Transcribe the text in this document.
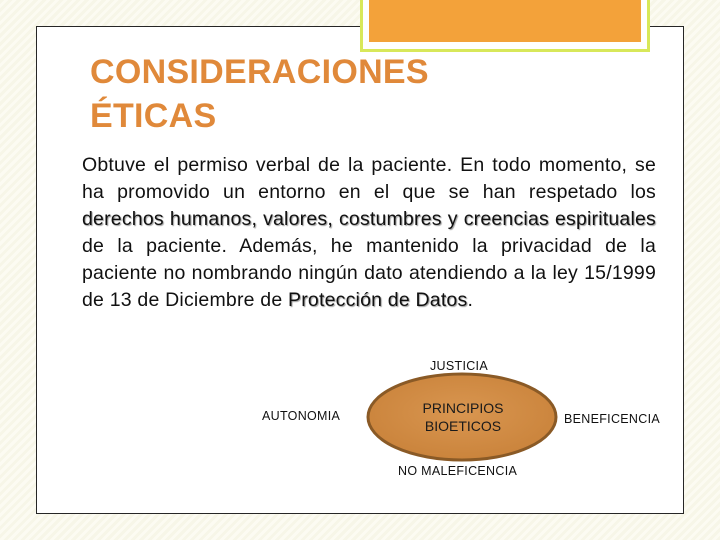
CONSIDERACIONES
ÉTICAS

Obtuve el permiso verbal de la paciente. En todo momento, se ha promovido un entorno en el que se han respetado los derechos humanos, valores, costumbres y creencias espirituales de la paciente. Además, he mantenido la privacidad de la paciente no nombrando ningún dato atendiendo a la ley 15/1999 de 13 de Diciembre de Protección de Datos.

PRINCIPIOS BIOETICOS
JUSTICIA
AUTONOMIA	BENEFICENCIA
NO MALEFICENCIA
